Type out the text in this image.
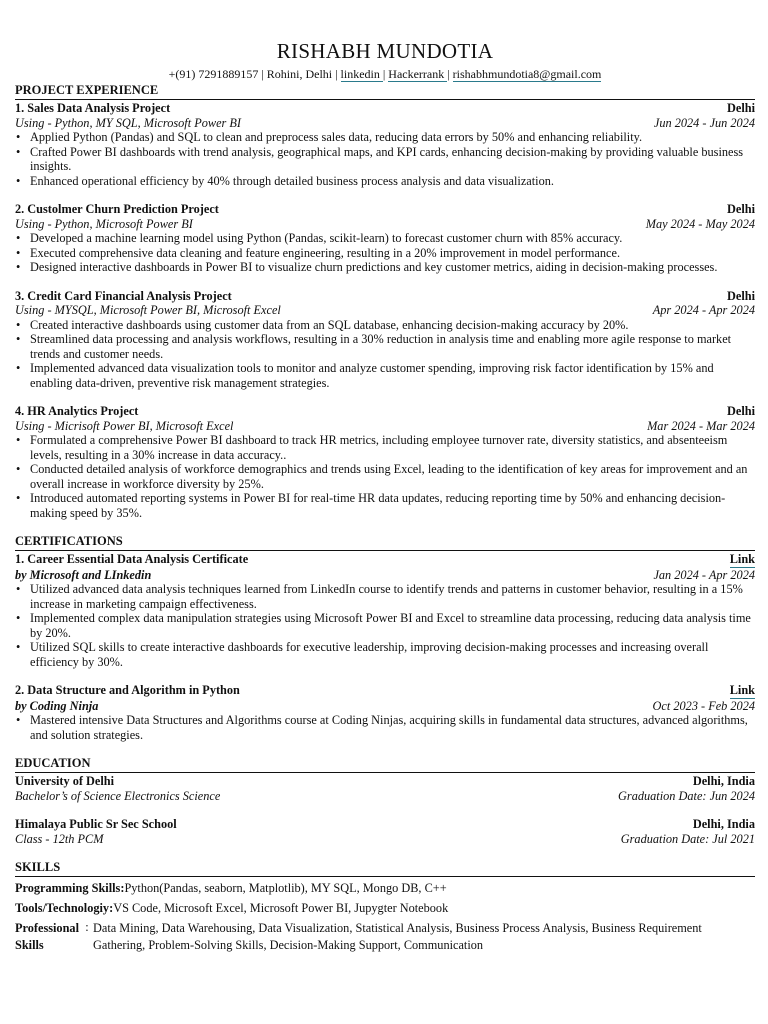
RISHABH MUNDOTIA
+(91) 7291889157 | Rohini, Delhi | linkedin | Hackerrank | rishabhmundotia8@gmail.com
PROJECT EXPERIENCE
1. Sales Data Analysis Project	Delhi
Using - Python, MY SQL, Microsoft Power BI	Jun 2024 - Jun 2024
• Applied Python (Pandas) and SQL to clean and preprocess sales data, reducing data errors by 50% and enhancing reliability.
• Crafted Power BI dashboards with trend analysis, geographical maps, and KPI cards, enhancing decision-making by providing valuable business insights.
• Enhanced operational efficiency by 40% through detailed business process analysis and data visualization.
2. Custolmer Churn Prediction Project	Delhi
Using - Python, Microsoft Power BI	May 2024 - May 2024
• Developed a machine learning model using Python (Pandas, scikit-learn) to forecast customer churn with 85% accuracy.
• Executed comprehensive data cleaning and feature engineering, resulting in a 20% improvement in model performance.
• Designed interactive dashboards in Power BI to visualize churn predictions and key customer metrics, aiding in decision-making processes.
3. Credit Card Financial Analysis Project	Delhi
Using - MYSQL, Microsoft Power BI, Microsoft Excel	Apr 2024 - Apr 2024
• Created interactive dashboards using customer data from an SQL database, enhancing decision-making accuracy by 20%.
• Streamlined data processing and analysis workflows, resulting in a 30% reduction in analysis time and enabling more agile response to market trends and customer needs.
• Implemented advanced data visualization tools to monitor and analyze customer spending, improving risk factor identification by 15% and enabling data-driven, preventive risk management strategies.
4. HR Analytics Project	Delhi
Using - Micrisoft Power BI, Microsoft Excel	Mar 2024 - Mar 2024
• Formulated a comprehensive Power BI dashboard to track HR metrics, including employee turnover rate, diversity statistics, and absenteeism levels, resulting in a 30% increase in data accuracy..
• Conducted detailed analysis of workforce demographics and trends using Excel, leading to the identification of key areas for improvement and an overall increase in workforce diversity by 25%.
• Introduced automated reporting systems in Power BI for real-time HR data updates, reducing reporting time by 50% and enhancing decision-making speed by 35%.
CERTIFICATIONS
1. Career Essential Data Analysis Certificate	Link
by Microsoft and LInkedin	Jan 2024 - Apr 2024
• Utilized advanced data analysis techniques learned from LinkedIn course to identify trends and patterns in customer behavior, resulting in a 15% increase in marketing campaign effectiveness.
• Implemented complex data manipulation strategies using Microsoft Power BI and Excel to streamline data processing, reducing data analysis time by 20%.
• Utilized SQL skills to create interactive dashboards for executive leadership, improving decision-making processes and increasing overall efficiency by 30%.
2. Data Structure and Algorithm in Python	Link
by Coding Ninja	Oct 2023 - Feb 2024
• Mastered intensive Data Structures and Algorithms course at Coding Ninjas, acquiring skills in fundamental data structures, advanced algorithms, and solution strategies.
EDUCATION
University of Delhi	Delhi, India
Bachelor’s of Science Electronics Science	Graduation Date: Jun 2024
Himalaya Public Sr Sec School	Delhi, India
Class - 12th PCM	Graduation Date: Jul 2021
SKILLS
Programming Skills: Python(Pandas, seaborn, Matplotlib), MY SQL, Mongo DB, C++
Tools/Technologiy: VS Code, Microsoft Excel, Microsoft Power BI, Jupygter Notebook
Professional Skills
: Data Mining, Data Warehousing, Data Visualization, Statistical Analysis, Business Process Analysis, Business Requirement Gathering, Problem-Solving Skills, Decision-Making Support, Communication
